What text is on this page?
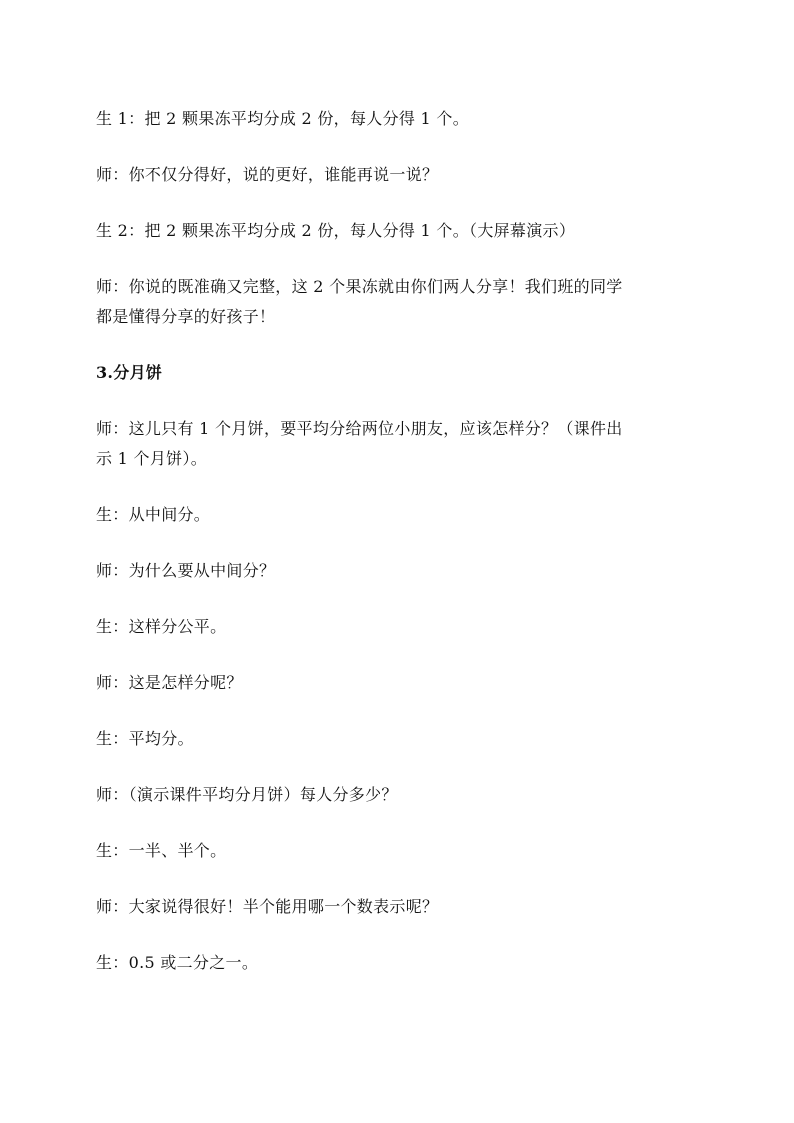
生 1：把 2 颗果冻平均分成 2 份，每人分得 1 个。
师：你不仅分得好，说的更好，谁能再说一说？
生 2：把 2 颗果冻平均分成 2 份，每人分得 1 个。（大屏幕演示）
师：你说的既准确又完整，这 2 个果冻就由你们两人分享！我们班的同学
都是懂得分享的好孩子！
3.分月饼
师：这儿只有 1 个月饼，要平均分给两位小朋友，应该怎样分？（课件出
示 1 个月饼）。
生：从中间分。
师：为什么要从中间分？
生：这样分公平。
师：这是怎样分呢？
生：平均分。
师：（演示课件平均分月饼）每人分多少？
生：一半、半个。
师：大家说得很好！半个能用哪一个数表示呢？
生：0.5 或二分之一。
